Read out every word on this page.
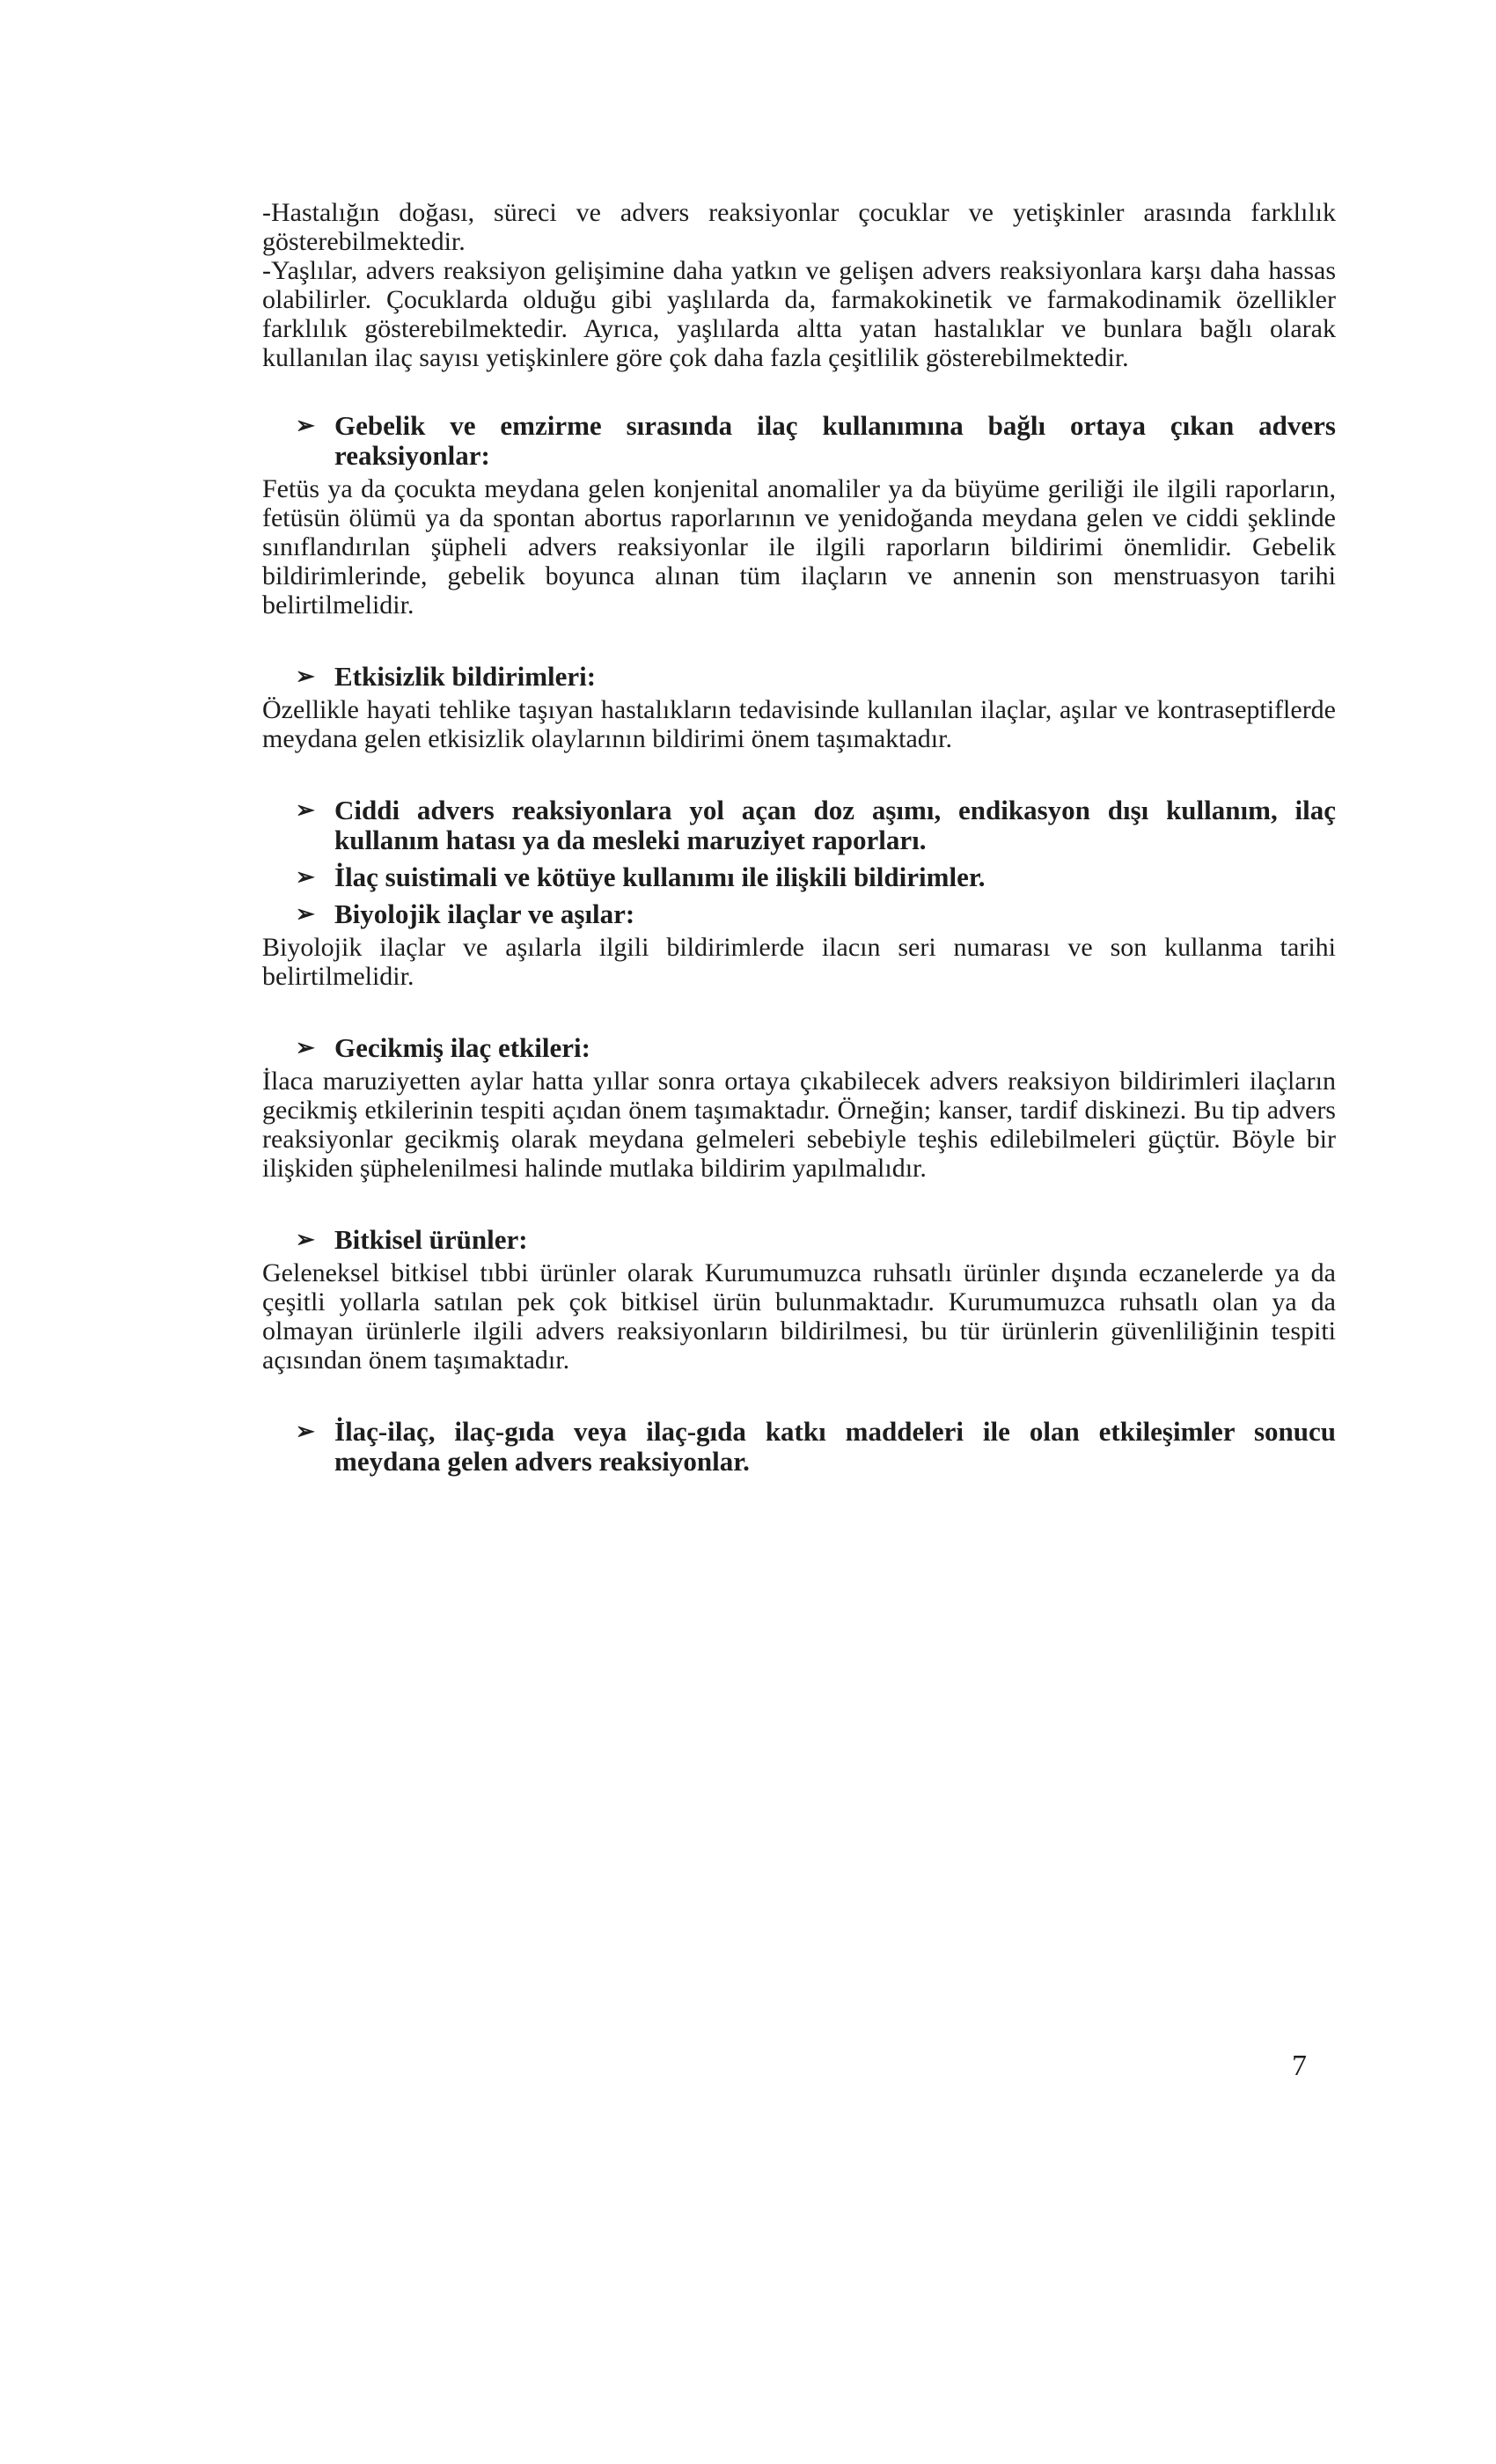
-Hastalığın doğası, süreci ve advers reaksiyonlar çocuklar ve yetişkinler arasında farklılık gösterebilmektedir.

-Yaşlılar, advers reaksiyon gelişimine daha yatkın ve gelişen advers reaksiyonlara karşı daha hassas olabilirler. Çocuklarda olduğu gibi yaşlılarda da, farmakokinetik ve farmakodinamik özellikler farklılık gösterebilmektedir. Ayrıca, yaşlılarda altta yatan hastalıklar ve bunlara bağlı olarak kullanılan ilaç sayısı yetişkinlere göre çok daha fazla çeşitlilik gösterebilmektedir.

➢ Gebelik ve emzirme sırasında ilaç kullanımına bağlı ortaya çıkan advers reaksiyonlar:

Fetüs ya da çocukta meydana gelen konjenital anomaliler ya da büyüme geriliği ile ilgili raporların, fetüsün ölümü ya da spontan abortus raporlarının ve yenidoğanda meydana gelen ve ciddi şeklinde sınıflandırılan şüpheli advers reaksiyonlar ile ilgili raporların bildirimi önemlidir. Gebelik bildirimlerinde, gebelik boyunca alınan tüm ilaçların ve annenin son menstruasyon tarihi belirtilmelidir.

➢ Etkisizlik bildirimleri:

Özellikle hayati tehlike taşıyan hastalıkların tedavisinde kullanılan ilaçlar, aşılar ve kontraseptiflerde meydana gelen etkisizlik olaylarının bildirimi önem taşımaktadır.

➢ Ciddi advers reaksiyonlara yol açan doz aşımı, endikasyon dışı kullanım, ilaç kullanım hatası ya da mesleki maruziyet raporları.
➢ İlaç suistimali ve kötüye kullanımı ile ilişkili bildirimler.
➢ Biyolojik ilaçlar ve aşılar:

Biyolojik ilaçlar ve aşılarla ilgili bildirimlerde ilacın seri numarası ve son kullanma tarihi belirtilmelidir.

➢ Gecikmiş ilaç etkileri:

İlaca maruziyetten aylar hatta yıllar sonra ortaya çıkabilecek advers reaksiyon bildirimleri ilaçların gecikmiş etkilerinin tespiti açıdan önem taşımaktadır. Örneğin; kanser, tardif diskinezi. Bu tip advers reaksiyonlar gecikmiş olarak meydana gelmeleri sebebiyle teşhis edilebilmeleri güçtür. Böyle bir ilişkiden şüphelenilmesi halinde mutlaka bildirim yapılmalıdır.

➢ Bitkisel ürünler:

Geleneksel bitkisel tıbbi ürünler olarak Kurumumuzca ruhsatlı ürünler dışında eczanelerde ya da çeşitli yollarla satılan pek çok bitkisel ürün bulunmaktadır. Kurumumuzca ruhsatlı olan ya da olmayan ürünlerle ilgili advers reaksiyonların bildirilmesi, bu tür ürünlerin güvenliliğinin tespiti açısından önem taşımaktadır.

➢ İlaç-ilaç, ilaç-gıda veya ilaç-gıda katkı maddeleri ile olan etkileşimler sonucu meydana gelen advers reaksiyonlar.
7
